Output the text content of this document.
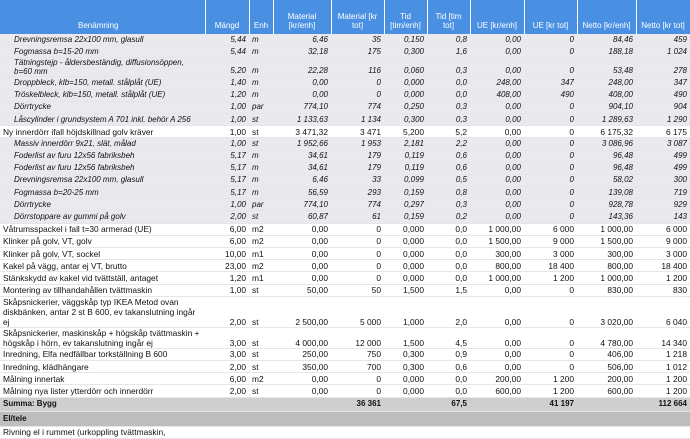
Benämning	Mängd	Enh	Material [kr/enh]	Material [kr tot]	Tid [tim/enh]	Tid [tim tot]	UE [kr/enh]	UE [kr tot]	Netto [kr/enh]	Netto [kr tot]
Drevningsremsa 22x100 mm, glasull	5,44	m	6,46	35	0,150	0,8	0,00	0	84,46	459
Fogmassa b=15-20 mm	5,44	m	32,18	175	0,300	1,6	0,00	0	188,18	1 024
Tätningstejp - åldersbeständig, diffusionsöppen, b=60 mm	5,20	m	22,28	116	0,060	0,3	0,00	0	53,48	278
Droppbleck, klb=150, metall. stålplåt (UE)	1,40	m	0,00	0	0,000	0,0	248,00	347	248,00	347
Tröskelbleck, klb=150, metall. stålplåt (UE)	1,20	m	0,00	0	0,000	0,0	408,00	490	408,00	490
Dörrtrycke	1,00	par	774,10	774	0,250	0,3	0,00	0	904,10	904
Låscylinder i grundsystem A 701 inkl. behör A 256	1,00	st	1 133,63	1 134	0,300	0,3	0,00	0	1 289,63	1 290
Ny innerdörr ifall höjdskillnad golv kräver	1,00	st	3 471,32	3 471	5,200	5,2	0,00	0	6 175,32	6 175
Massiv innerdörr 9x21, slät, målad	1,00	st	1 952,66	1 953	2,181	2,2	0,00	0	3 086,96	3 087
Foderlist av furu 12x56 fabriksbeh	5,17	m	34,61	179	0,119	0,6	0,00	0	96,48	499
Foderlist av furu 12x56 fabriksbeh	5,17	m	34,61	179	0,119	0,6	0,00	0	96,48	499
Drevningsremsa 22x100 mm, glasull	5,17	m	6,46	33	0,099	0,5	0,00	0	58,02	300
Fogmassa b=20-25 mm	5,17	m	56,59	293	0,159	0,8	0,00	0	139,08	719
Dörrtrycke	1,00	par	774,10	774	0,297	0,3	0,00	0	928,78	929
Dörrstoppare av gummi på golv	2,00	st	60,87	61	0,159	0,2	0,00	0	143,36	143
Våtrumsspackel i fall t=30 armerad (UE)	6,00	m2	0,00	0	0,000	0,0	1 000,00	6 000	1 000,00	6 000
Klinker på golv, VT, golv	6,00	m2	0,00	0	0,000	0,0	1 500,00	9 000	1 500,00	9 000
Klinker på golv, VT, sockel	10,00	m1	0,00	0	0,000	0,0	300,00	3 000	300,00	3 000
Kakel på vägg, antar ej VT, brutto	23,00	m2	0,00	0	0,000	0,0	800,00	18 400	800,00	18 400
Stänkskydd av kakel vid tvättställ, antaget	1,20	m1	0,00	0	0,000	0,0	1 000,00	1 200	1 000,00	1 200
Montering av tillhandahållen tvättmaskin	1,00	st	50,00	50	1,500	1,5	0,00	0	830,00	830
Skåpsnickerier, väggskåp typ IKEA Metod ovan diskbänken, antar 2 st B 600, ev takanslutning ingår ej	2,00	st	2 500,00	5 000	1,000	2,0	0,00	0	3 020,00	6 040
Skåpsnickerier, maskinskåp + högskåp tvättmaskin + högskåp i hörn, ev takanslutning ingår ej	3,00	st	4 000,00	12 000	1,500	4,5	0,00	0	4 780,00	14 340
Inredning, Elfa nedfällbar torkställning B 600	3,00	st	250,00	750	0,300	0,9	0,00	0	406,00	1 218
Inredning, klädhängare	2,00	st	350,00	700	0,300	0,6	0,00	0	506,00	1 012
Målning innertak	6,00	m2	0,00	0	0,000	0,0	200,00	1 200	200,00	1 200
Målning nya lister ytterdörr och innerdörr	2,00	st	0,00	0	0,000	0,0	600,00	1 200	600,00	1 200
Summa: Bygg				36 361		67,5		41 197		112 664
El/tele										
Rivning el i rummet (urkoppling tvättmaskin,										
